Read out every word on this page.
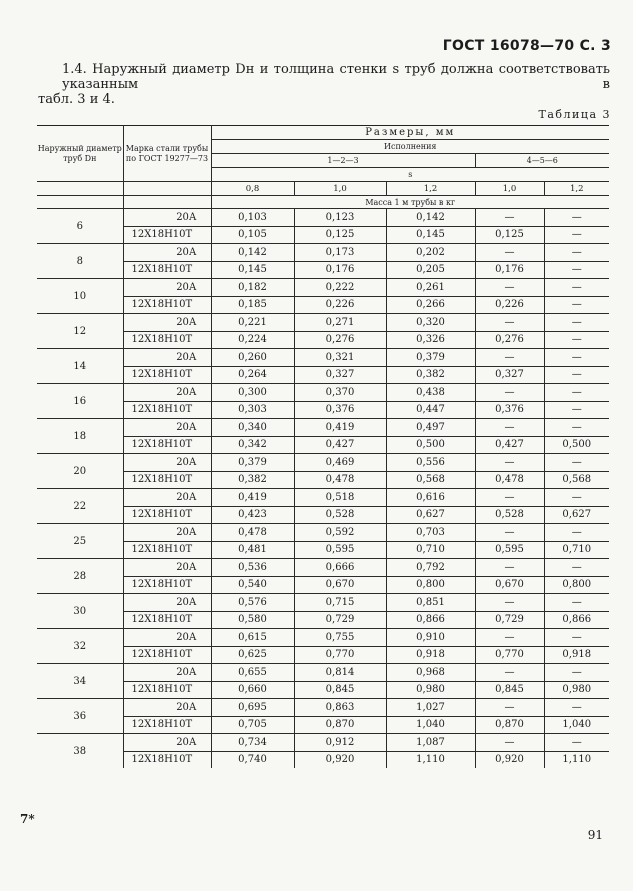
ГОСТ 16078—70 С. 3
1.4. Наружный диаметр Dн и толщина стенки s труб должна соответствовать указанным в
табл. 3 и 4.
Таблица 3
Наружный диаметр труб Dн	Марка стали трубы по ГОСТ 19277—73	Размеры, мм				
		Исполнения				
		1—2—3			4—5—6	
		s				
		0,8	1,0	1,2	1,0	1,2
		Масса 1 м трубы в кг				
6	20А	0,103	0,123	0,142	—	—
	12Х18Н10Т	0,105	0,125	0,145	0,125	—
8	20А	0,142	0,173	0,202	—	—
	12Х18Н10Т	0,145	0,176	0,205	0,176	—
10	20А	0,182	0,222	0,261	—	—
	12Х18Н10Т	0,185	0,226	0,266	0,226	—
12	20А	0,221	0,271	0,320	—	—
	12Х18Н10Т	0,224	0,276	0,326	0,276	—
14	20А	0,260	0,321	0,379	—	—
	12Х18Н10Т	0,264	0,327	0,382	0,327	—
16	20А	0,300	0,370	0,438	—	—
	12Х18Н10Т	0,303	0,376	0,447	0,376	—
18	20А	0,340	0,419	0,497	—	—
	12Х18Н10Т	0,342	0,427	0,500	0,427	0,500
20	20А	0,379	0,469	0,556	—	—
	12Х18Н10Т	0,382	0,478	0,568	0,478	0,568
22	20А	0,419	0,518	0,616	—	—
	12Х18Н10Т	0,423	0,528	0,627	0,528	0,627
25	20А	0,478	0,592	0,703	—	—
	12Х18Н10Т	0,481	0,595	0,710	0,595	0,710
28	20А	0,536	0,666	0,792	—	—
	12Х18Н10Т	0,540	0,670	0,800	0,670	0,800
30	20А	0,576	0,715	0,851	—	—
	12Х18Н10Т	0,580	0,729	0,866	0,729	0,866
32	20А	0,615	0,755	0,910	—	—
	12Х18Н10Т	0,625	0,770	0,918	0,770	0,918
34	20А	0,655	0,814	0,968	—	—
	12Х18Н10Т	0,660	0,845	0,980	0,845	0,980
36	20А	0,695	0,863	1,027	—	—
	12Х18Н10Т	0,705	0,870	1,040	0,870	1,040
38	20А	0,734	0,912	1,087	—	—
	12Х18Н10Т	0,740	0,920	1,110	0,920	1,110
7*
91
